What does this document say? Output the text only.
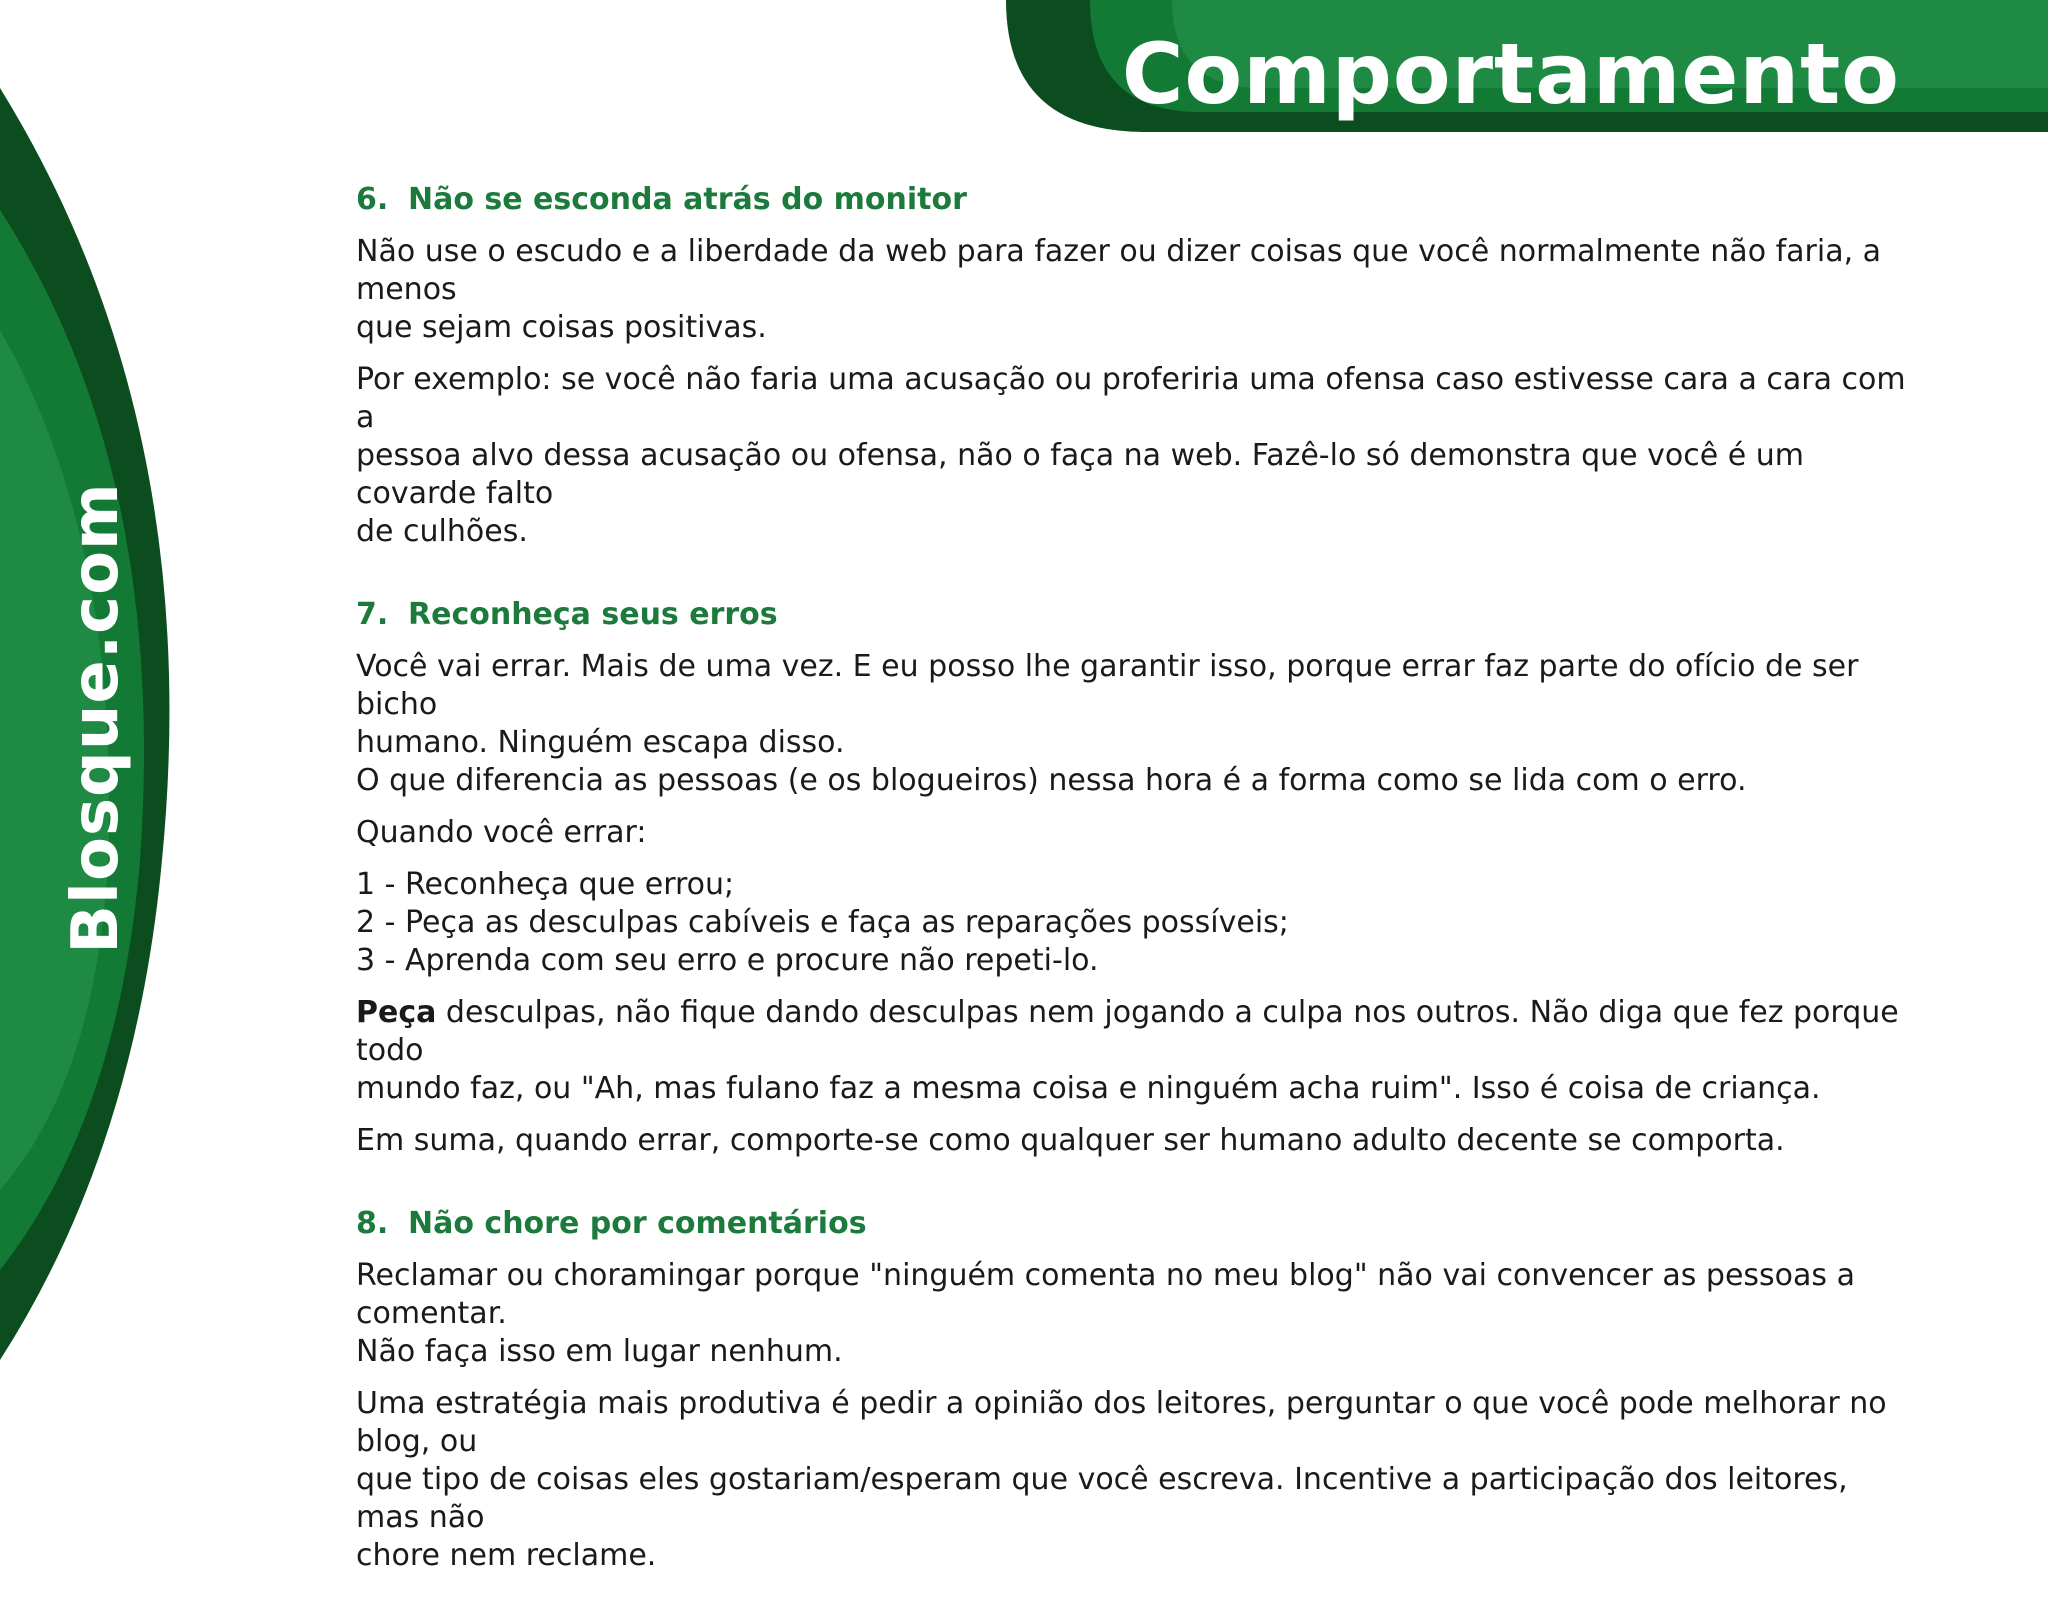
Comportamento
Blosque.com
6. Não se esconda atrás do monitor

Não use o escudo e a liberdade da web para fazer ou dizer coisas que você normalmente não faria, a menos
que sejam coisas positivas.

Por exemplo: se você não faria uma acusação ou proferiria uma ofensa caso estivesse cara a cara com a
pessoa alvo dessa acusação ou ofensa, não o faça na web. Fazê-lo só demonstra que você é um covarde falto
de culhões.

7. Reconheça seus erros

Você vai errar. Mais de uma vez. E eu posso lhe garantir isso, porque errar faz parte do ofício de ser bicho
humano. Ninguém escapa disso.
O que diferencia as pessoas (e os blogueiros) nessa hora é a forma como se lida com o erro.

Quando você errar:

1 - Reconheça que errou;
2 - Peça as desculpas cabíveis e faça as reparações possíveis;
3 - Aprenda com seu erro e procure não repeti-lo.

Peça desculpas, não fique dando desculpas nem jogando a culpa nos outros. Não diga que fez porque todo
mundo faz, ou "Ah, mas fulano faz a mesma coisa e ninguém acha ruim". Isso é coisa de criança.

Em suma, quando errar, comporte-se como qualquer ser humano adulto decente se comporta.

8. Não chore por comentários

Reclamar ou choramingar porque "ninguém comenta no meu blog" não vai convencer as pessoas a comentar.
Não faça isso em lugar nenhum.

Uma estratégia mais produtiva é pedir a opinião dos leitores, perguntar o que você pode melhorar no blog, ou
que tipo de coisas eles gostariam/esperam que você escreva. Incentive a participação dos leitores, mas não
chore nem reclame.
